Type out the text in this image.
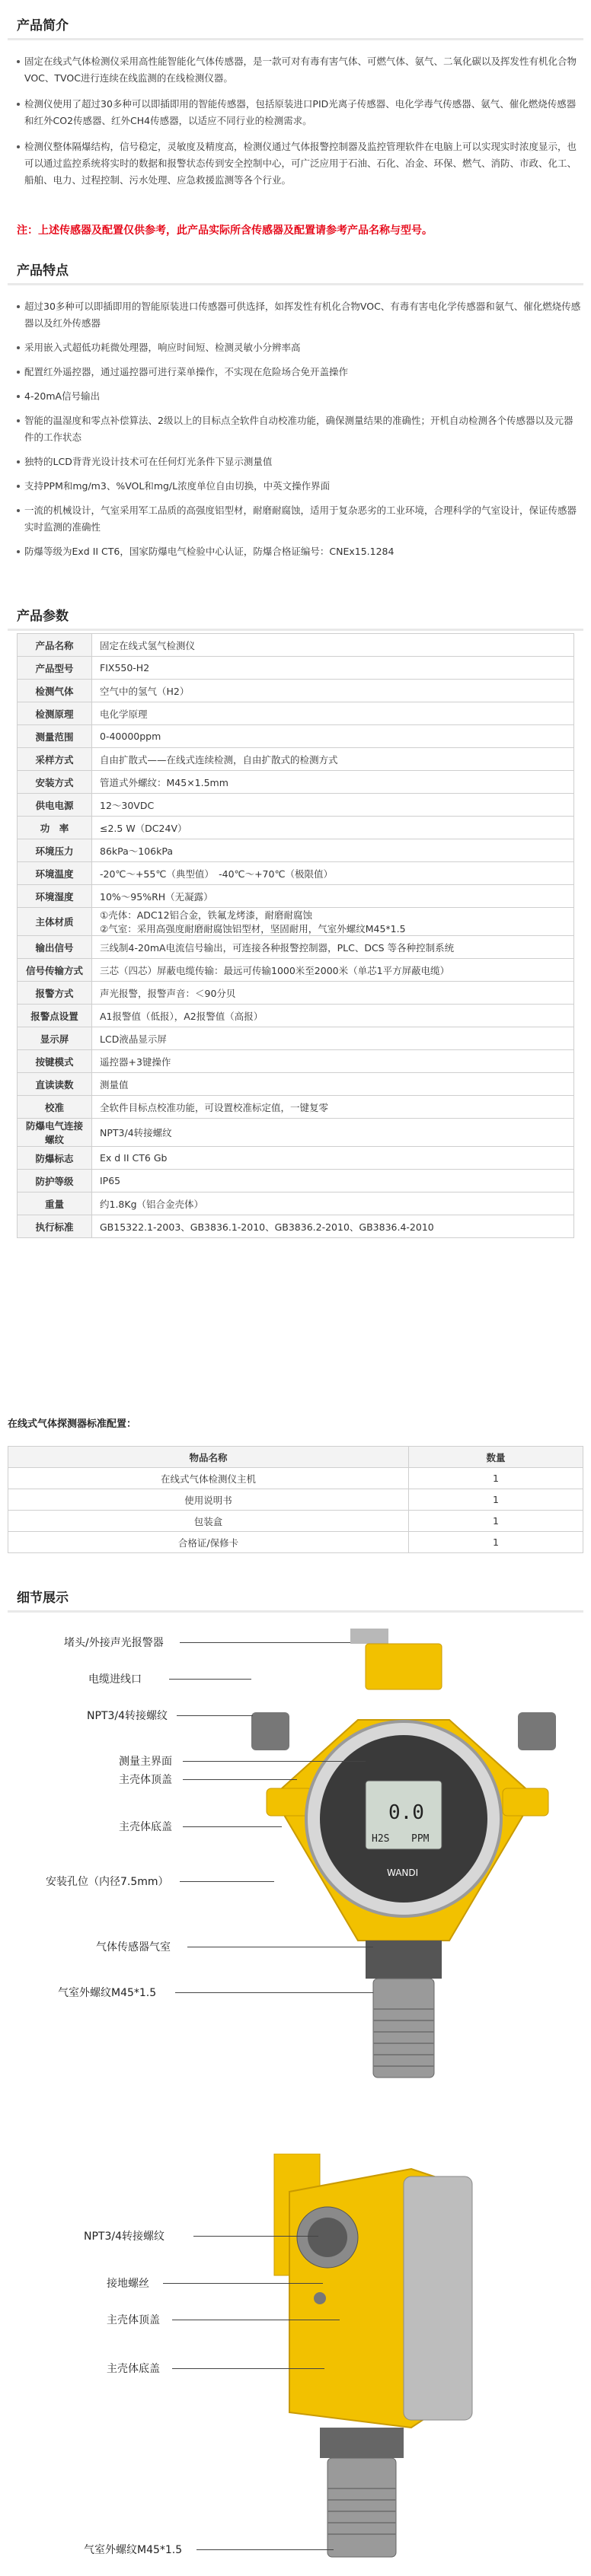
产品简介

固定在线式气体检测仪采用高性能智能化气体传感器，是一款可对有毒有害气体、可燃气体、氨气、二氧化碳以及挥发性有机化合物VOC、TVOC进行连续在线监测的在线检测仪器。

检测仪使用了超过30多种可以即插即用的智能传感器，包括原装进口PID光离子传感器、电化学毒气传感器、氨气、催化燃烧传感器和红外CO2传感器、红外CH4传感器，以适应不同行业的检测需求。

检测仪整体隔爆结构，信号稳定，灵敏度及精度高，检测仪通过气体报警控制器及监控管理软件在电脑上可以实现实时浓度显示，也可以通过监控系统将实时的数据和报警状态传到安全控制中心，可广泛应用于石油、石化、冶金、环保、燃气、消防、市政、化工、船舶、电力、过程控制、污水处理、应急救援监测等各个行业。

注：上述传感器及配置仅供参考，此产品实际所含传感器及配置请参考产品名称与型号。
产品特点
超过30多种可以即插即用的智能原装进口传感器可供选择，如挥发性有机化合物VOC、有毒有害电化学传感器和氨气、催化燃烧传感器以及红外传感器
采用嵌入式超低功耗微处理器，响应时间短、检测灵敏小分辨率高
配置红外遥控器，通过遥控器可进行菜单操作，不实现在危险场合免开盖操作
4-20mA信号输出
智能的温湿度和零点补偿算法、2级以上的目标点全软件自动校准功能，确保测量结果的准确性；开机自动检测各个传感器以及元器件的工作状态
独特的LCD背背光设计技术可在任何灯光条件下显示测量值
支持PPM和mg/m3、%VOL和mg/L浓度单位自由切换，中英文操作界面
一流的机械设计，气室采用军工品质的高强度铝型材，耐磨耐腐蚀，适用于复杂恶劣的工业环境，合理科学的气室设计，保证传感器实时监测的准确性
防爆等级为Exd II CT6，国家防爆电气检验中心认证，防爆合格证编号：CNEx15.1284
产品参数
产品名称	固定在线式氢气检测仪
产品型号	FIX550-H2
检测气体	空气中的氢气（H2）
检测原理	电化学原理
测量范围	0-40000ppm
采样方式	自由扩散式——在线式连续检测，自由扩散式的检测方式
安装方式	管道式外螺纹：M45×1.5mm
供电电源	12～30VDC
功　率	≤2.5 W（DC24V）
环境压力	86kPa～106kPa
环境温度	-20℃～+55℃（典型值）　-40℃～+70℃（极限值）
环境湿度	10%～95%RH（无凝露）
主体材质	①壳体：ADC12铝合金，铁氟龙烤漆，耐磨耐腐蚀
②气室：采用高强度耐磨耐腐蚀铝型材，坚固耐用，气室外螺纹M45*1.5
输出信号	三线制4-20mA电流信号输出，可连接各种报警控制器，PLC、DCS 等各种控制系统
信号传输方式	三芯（四芯）屏蔽电缆传输：最远可传输1000米至2000米（单芯1平方屏蔽电缆）
报警方式	声光报警，报警声音：＜90分贝
报警点设置	A1报警值（低报），A2报警值（高报）
显示屏	LCD液晶显示屏
按键模式	遥控器+3键操作
直读读数	测量值
校准	全软件目标点校准功能，可设置校准标定值，一键复零
防爆电气连接螺纹	NPT3/4转接螺纹
防爆标志	Ex d II CT6 Gb
防护等级	IP65
重量	约1.8Kg（铝合金壳体）
执行标准	GB15322.1-2003、GB3836.1-2010、GB3836.2-2010、GB3836.4-2010
在线式气体探测器标准配置：
物品名称	数量
在线式气体检测仪主机	1
使用说明书	1
包装盒	1
合格证/保修卡	1
细节展示
0.0
H2S PPM
WANDI
堵头/外接声光报警器
电缆进线口
NPT3/4转接螺纹
测量主界面
主壳体顶盖
主壳体底盖
安装孔位（内径7.5mm）
气体传感器气室
气室外螺纹M45*1.5
NPT3/4转接螺纹
接地螺丝
主壳体顶盖
主壳体底盖
气室外螺纹M45*1.5
